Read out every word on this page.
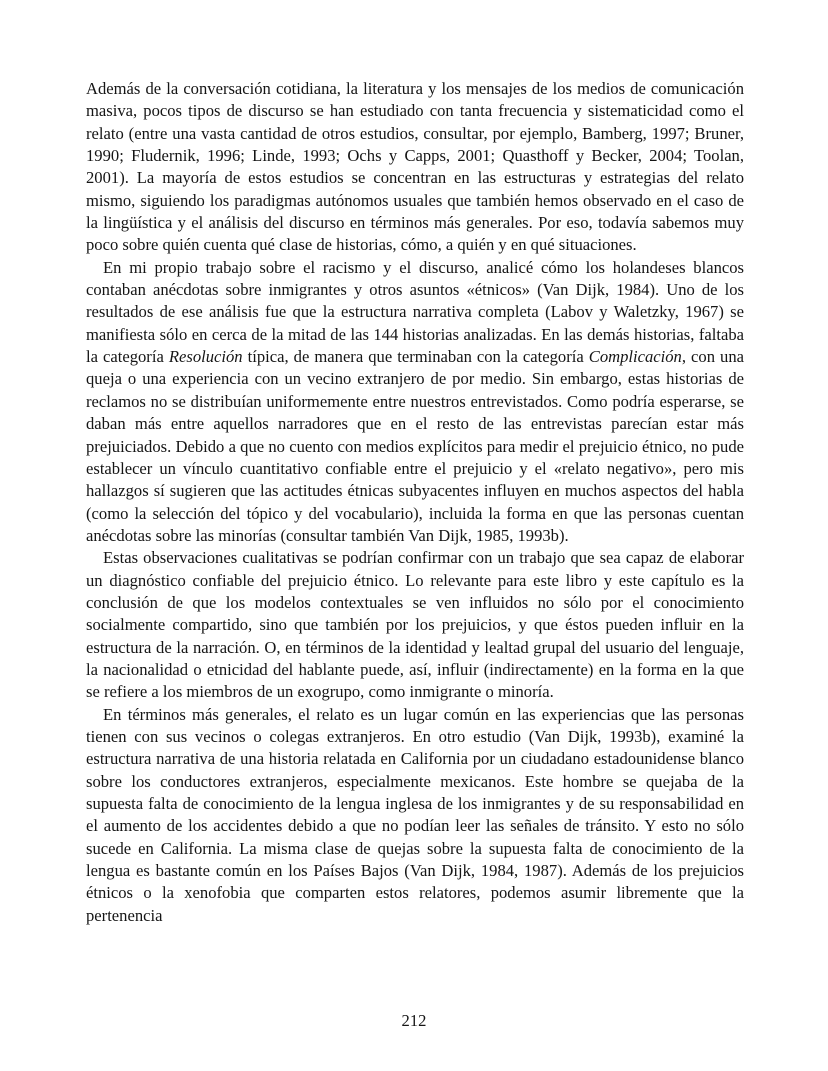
Además de la conversación cotidiana, la literatura y los mensajes de los medios de comunicación masiva, pocos tipos de discurso se han estudiado con tanta frecuencia y sistematicidad como el relato (entre una vasta cantidad de otros estudios, consultar, por ejemplo, Bamberg, 1997; Bruner, 1990; Fludernik, 1996; Linde, 1993; Ochs y Capps, 2001; Quasthoff y Becker, 2004; Toolan, 2001). La mayoría de estos estudios se concentran en las estructuras y estrategias del relato mismo, siguiendo los paradigmas autónomos usuales que también hemos observado en el caso de la lingüística y el análisis del discurso en términos más generales. Por eso, todavía sabemos muy poco sobre quién cuenta qué clase de historias, cómo, a quién y en qué situaciones.

En mi propio trabajo sobre el racismo y el discurso, analicé cómo los holandeses blancos contaban anécdotas sobre inmigrantes y otros asuntos «étnicos» (Van Dijk, 1984). Uno de los resultados de ese análisis fue que la estructura narrativa completa (Labov y Waletzky, 1967) se manifiesta sólo en cerca de la mitad de las 144 historias analizadas. En las demás historias, faltaba la categoría Resolución típica, de manera que terminaban con la categoría Complicación, con una queja o una experiencia con un vecino extranjero de por medio. Sin embargo, estas historias de reclamos no se distribuían uniformemente entre nuestros entrevistados. Como podría esperarse, se daban más entre aquellos narradores que en el resto de las entrevistas parecían estar más prejuiciados. Debido a que no cuento con medios explícitos para medir el prejuicio étnico, no pude establecer un vínculo cuantitativo confiable entre el prejuicio y el «relato negativo», pero mis hallazgos sí sugieren que las actitudes étnicas subyacentes influyen en muchos aspectos del habla (como la selección del tópico y del vocabulario), incluida la forma en que las personas cuentan anécdotas sobre las minorías (consultar también Van Dijk, 1985, 1993b).

Estas observaciones cualitativas se podrían confirmar con un trabajo que sea capaz de elaborar un diagnóstico confiable del prejuicio étnico. Lo relevante para este libro y este capítulo es la conclusión de que los modelos contextuales se ven influidos no sólo por el conocimiento socialmente compartido, sino que también por los prejuicios, y que éstos pueden influir en la estructura de la narración. O, en términos de la identidad y lealtad grupal del usuario del lenguaje, la nacionalidad o etnicidad del hablante puede, así, influir (indirectamente) en la forma en la que se refiere a los miembros de un exogrupo, como inmigrante o minoría.

En términos más generales, el relato es un lugar común en las experiencias que las personas tienen con sus vecinos o colegas extranjeros. En otro estudio (Van Dijk, 1993b), examiné la estructura narrativa de una historia relatada en California por un ciudadano estadounidense blanco sobre los conductores extranjeros, especialmente mexicanos. Este hombre se quejaba de la supuesta falta de conocimiento de la lengua inglesa de los inmigrantes y de su responsabilidad en el aumento de los accidentes debido a que no podían leer las señales de tránsito. Y esto no sólo sucede en California. La misma clase de quejas sobre la supuesta falta de conocimiento de la lengua es bastante común en los Países Bajos (Van Dijk, 1984, 1987). Además de los prejuicios étnicos o la xenofobia que comparten estos relatores, podemos asumir libremente que la pertenencia

212
